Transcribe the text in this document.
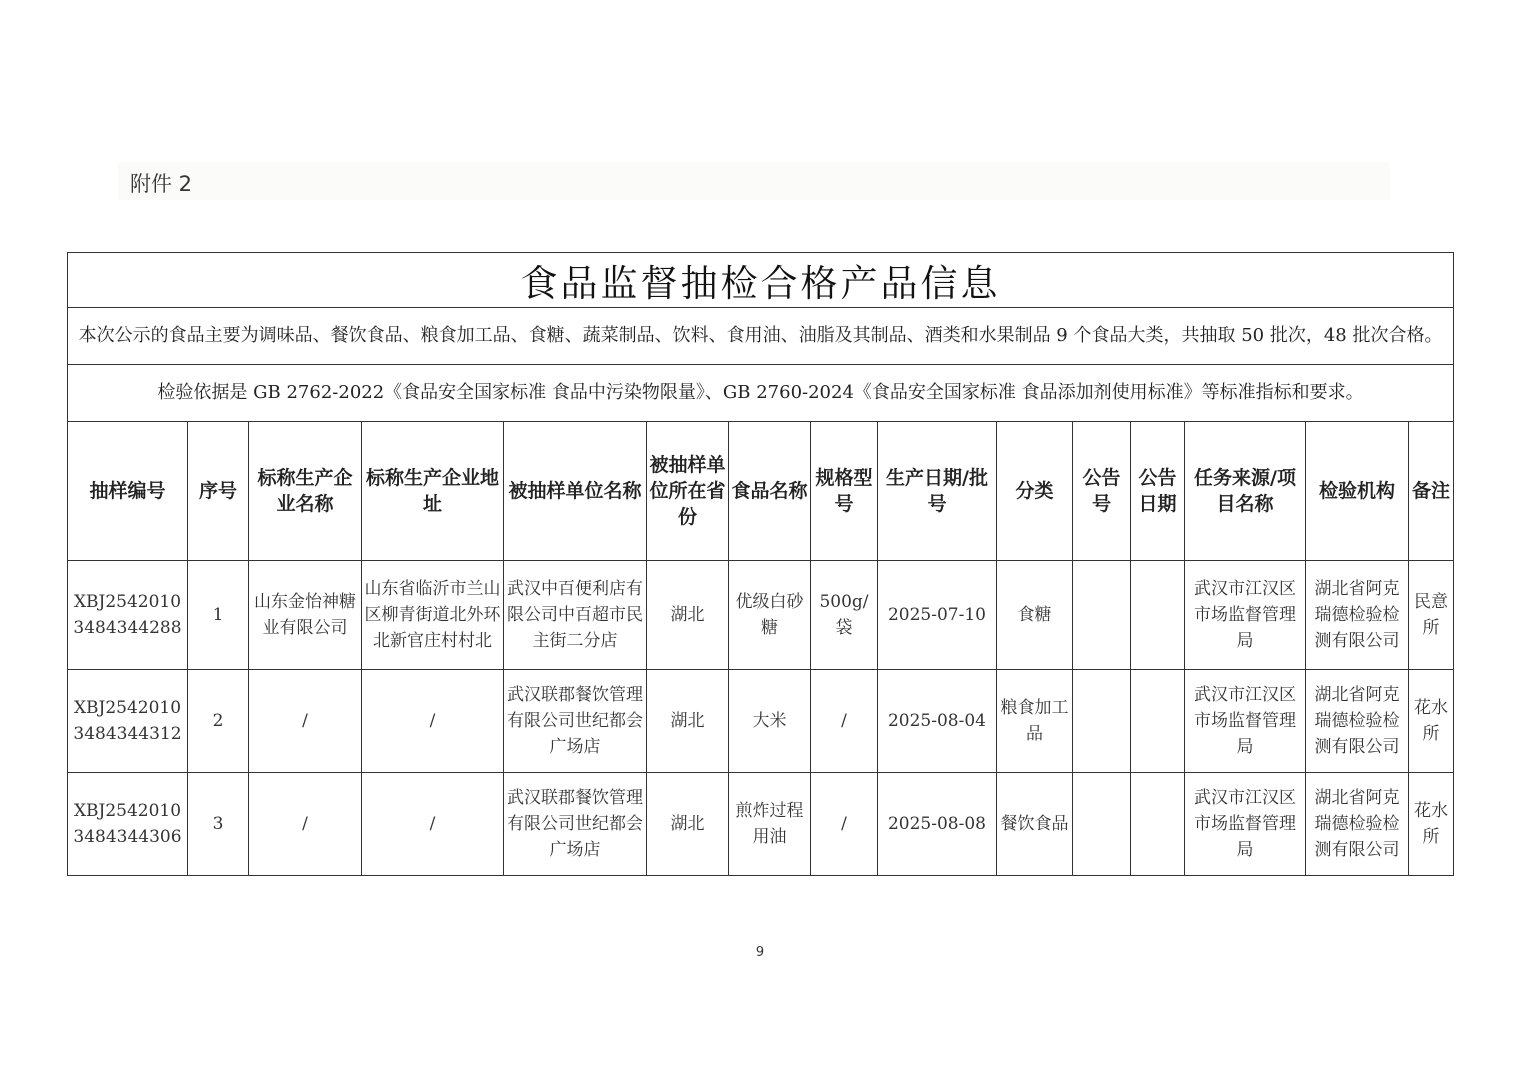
附件 2
食品监督抽检合格产品信息														
本次公示的食品主要为调味品、餐饮食品、粮食加工品、食糖、蔬菜制品、饮料、食用油、油脂及其制品、酒类和水果制品 9 个食品大类，共抽取 50 批次，48 批次合格。														
检验依据是 GB 2762-2022《食品安全国家标准 食品中污染物限量》、GB 2760-2024《食品安全国家标准 食品添加剂使用标准》等标准指标和要求。														
抽样编号	序号	标称生产企业名称	标称生产企业地址	被抽样单位名称	被抽样单位所在省份	食品名称	规格型号	生产日期/批号	分类	公告号	公告日期	任务来源/项目名称	检验机构	备注
XBJ25420103484344288	1	山东金怡神糖业有限公司	山东省临沂市兰山区柳青街道北外环北新官庄村村北	武汉中百便利店有限公司中百超市民主街二分店	湖北	优级白砂糖	500g/袋	2025-07-10	食糖			武汉市江汉区市场监督管理局	湖北省阿克瑞德检验检测有限公司	民意所
XBJ25420103484344312	2	/	/	武汉联郡餐饮管理有限公司世纪都会广场店	湖北	大米	/	2025-08-04	粮食加工品			武汉市江汉区市场监督管理局	湖北省阿克瑞德检验检测有限公司	花水所
XBJ25420103484344306	3	/	/	武汉联郡餐饮管理有限公司世纪都会广场店	湖北	煎炸过程用油	/	2025-08-08	餐饮食品			武汉市江汉区市场监督管理局	湖北省阿克瑞德检验检测有限公司	花水所
9
